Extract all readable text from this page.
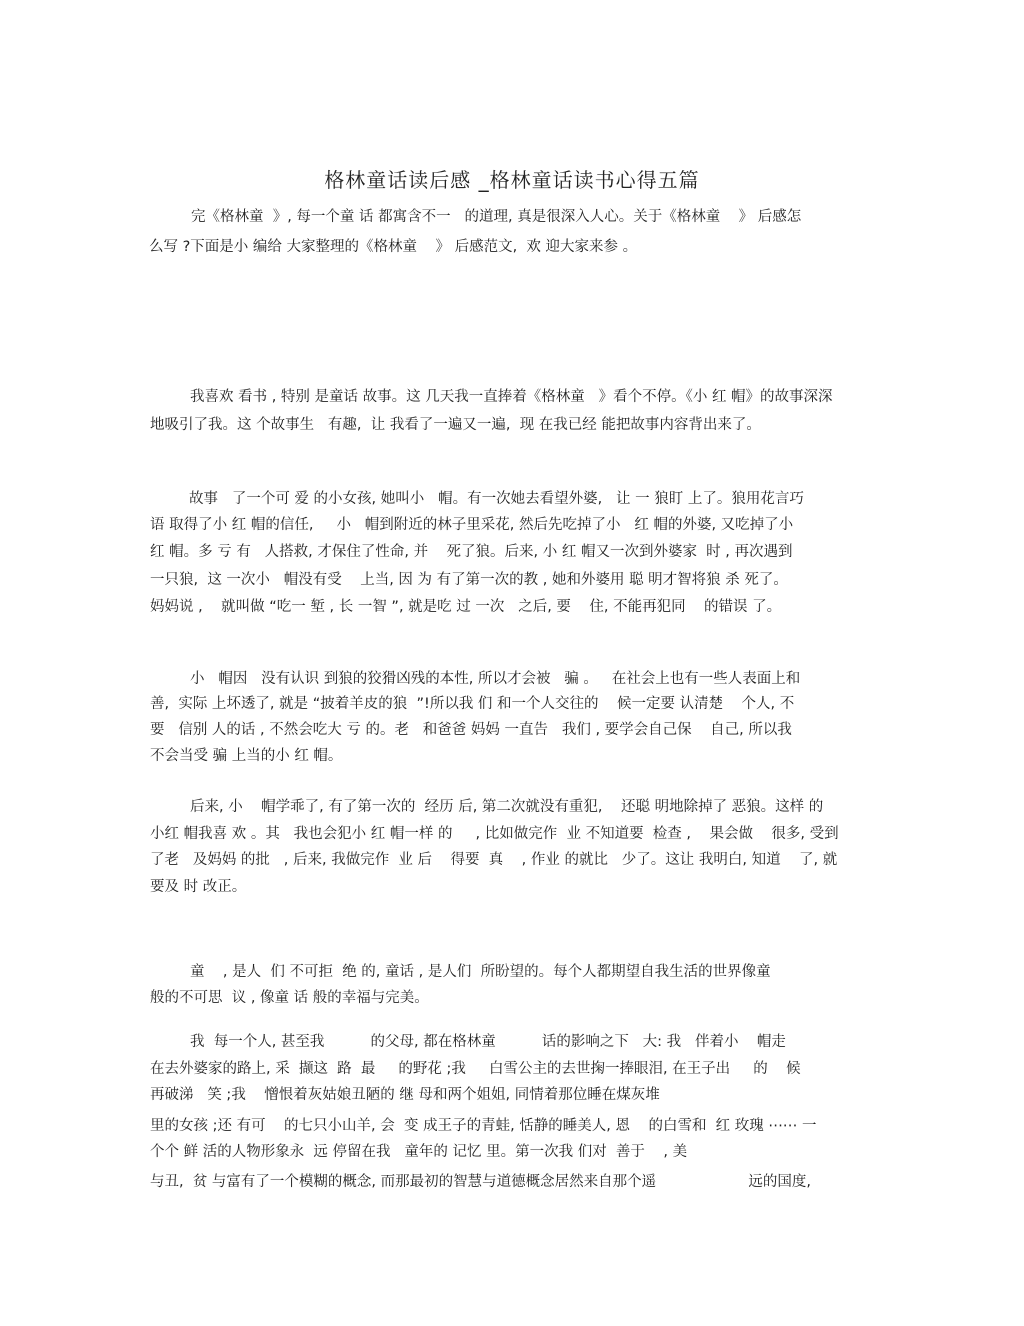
格林童话读后感 _格林童话读书心得五篇
完《格林童  》, 每一个童 话 都寓含不一   的道理, 真是很深入人心。关于《格林童    》 后感怎
么写 ?下面是小 编给 大家整理的《格林童    》 后感范文,  欢 迎大家来参 。
我喜欢 看书 , 特别 是童话 故事。这 几天我一直捧着《格林童   》看个不停。《小 红 帽》的故事深深
地吸引了我。这 个故事生   有趣,  让 我看了一遍又一遍,  现 在我已经 能把故事内容背出来了。
故事   了一个可 爱 的小女孩, 她叫小   帽。有一次她去看望外婆,   让 一 狼盯 上了。狼用花言巧
语 取得了小 红 帽的信任,     小   帽到附近的林子里采花, 然后先吃掉了小   红 帽的外婆, 又吃掉了小
红 帽。多 亏 有   人搭救, 才保住了性命, 并    死了狼。后来, 小 红 帽又一次到外婆家  时 , 再次遇到
一只狼,  这 一次小   帽没有受    上当, 因 为 有了第一次的教 , 她和外婆用 聪 明才智将狼 杀 死了。
妈妈说 ,    就叫做 “吃一 堑 , 长 一智 ”, 就是吃 过 一次   之后, 要    住, 不能再犯同    的错误 了。
小   帽因   没有认识 到狼的狡猾凶残的本性, 所以才会被   骗 。   在社会上也有一些人表面上和
善,  实际 上坏透了, 就是 “披着羊皮的狼  ”!所以我 们 和一个人交往的    候一定要 认清楚    个人, 不
要   信别 人的话 , 不然会吃大 亏 的。老   和爸爸 妈妈 一直告   我们 , 要学会自己保    自己, 所以我
不会当受 骗 上当的小 红 帽。
后来, 小    帽学乖了, 有了第一次的  经历 后, 第二次就没有重犯,    还聪 明地除掉了 恶狼。这样 的
小红 帽我喜 欢 。其   我也会犯小 红 帽一样 的     , 比如做完作  业 不知道要  检查 ,    果会做    很多, 受到
了老   及妈妈 的批   , 后来, 我做完作  业 后    得要  真    , 作业 的就比   少了。这让 我明白, 知道    了, 就
要及 时 改正。
童    , 是人  们 不可拒  绝 的, 童话 , 是人们  所盼望的。每个人都期望自我生活的世界像童
般的不可思  议 , 像童 话 般的幸福与完美。
我  每一个人, 甚至我          的父母, 都在格林童          话的影响之下   大: 我   伴着小    帽走
在去外婆家的路上, 采  撷这  路  最     的野花 ;我     白雪公主的去世掬一捧眼泪, 在王子出     的    候
再破涕   笑 ;我    憎恨着灰姑娘丑陋的 继 母和两个姐姐, 同情着那位睡在煤灰堆
里的女孩 ;还 有可    的七只小山羊, 会  变 成王子的青蛙, 恬静的睡美人, 恩    的白雪和  红 玫瑰 ⋯⋯ 一
个个 鲜 活的人物形象永  远 停留在我   童年的 记忆 里。第一次我 们对  善于    , 美
与丑,  贫 与富有了一个模糊的概念, 而那最初的智慧与道德概念居然来自那个遥                    远的国度,
